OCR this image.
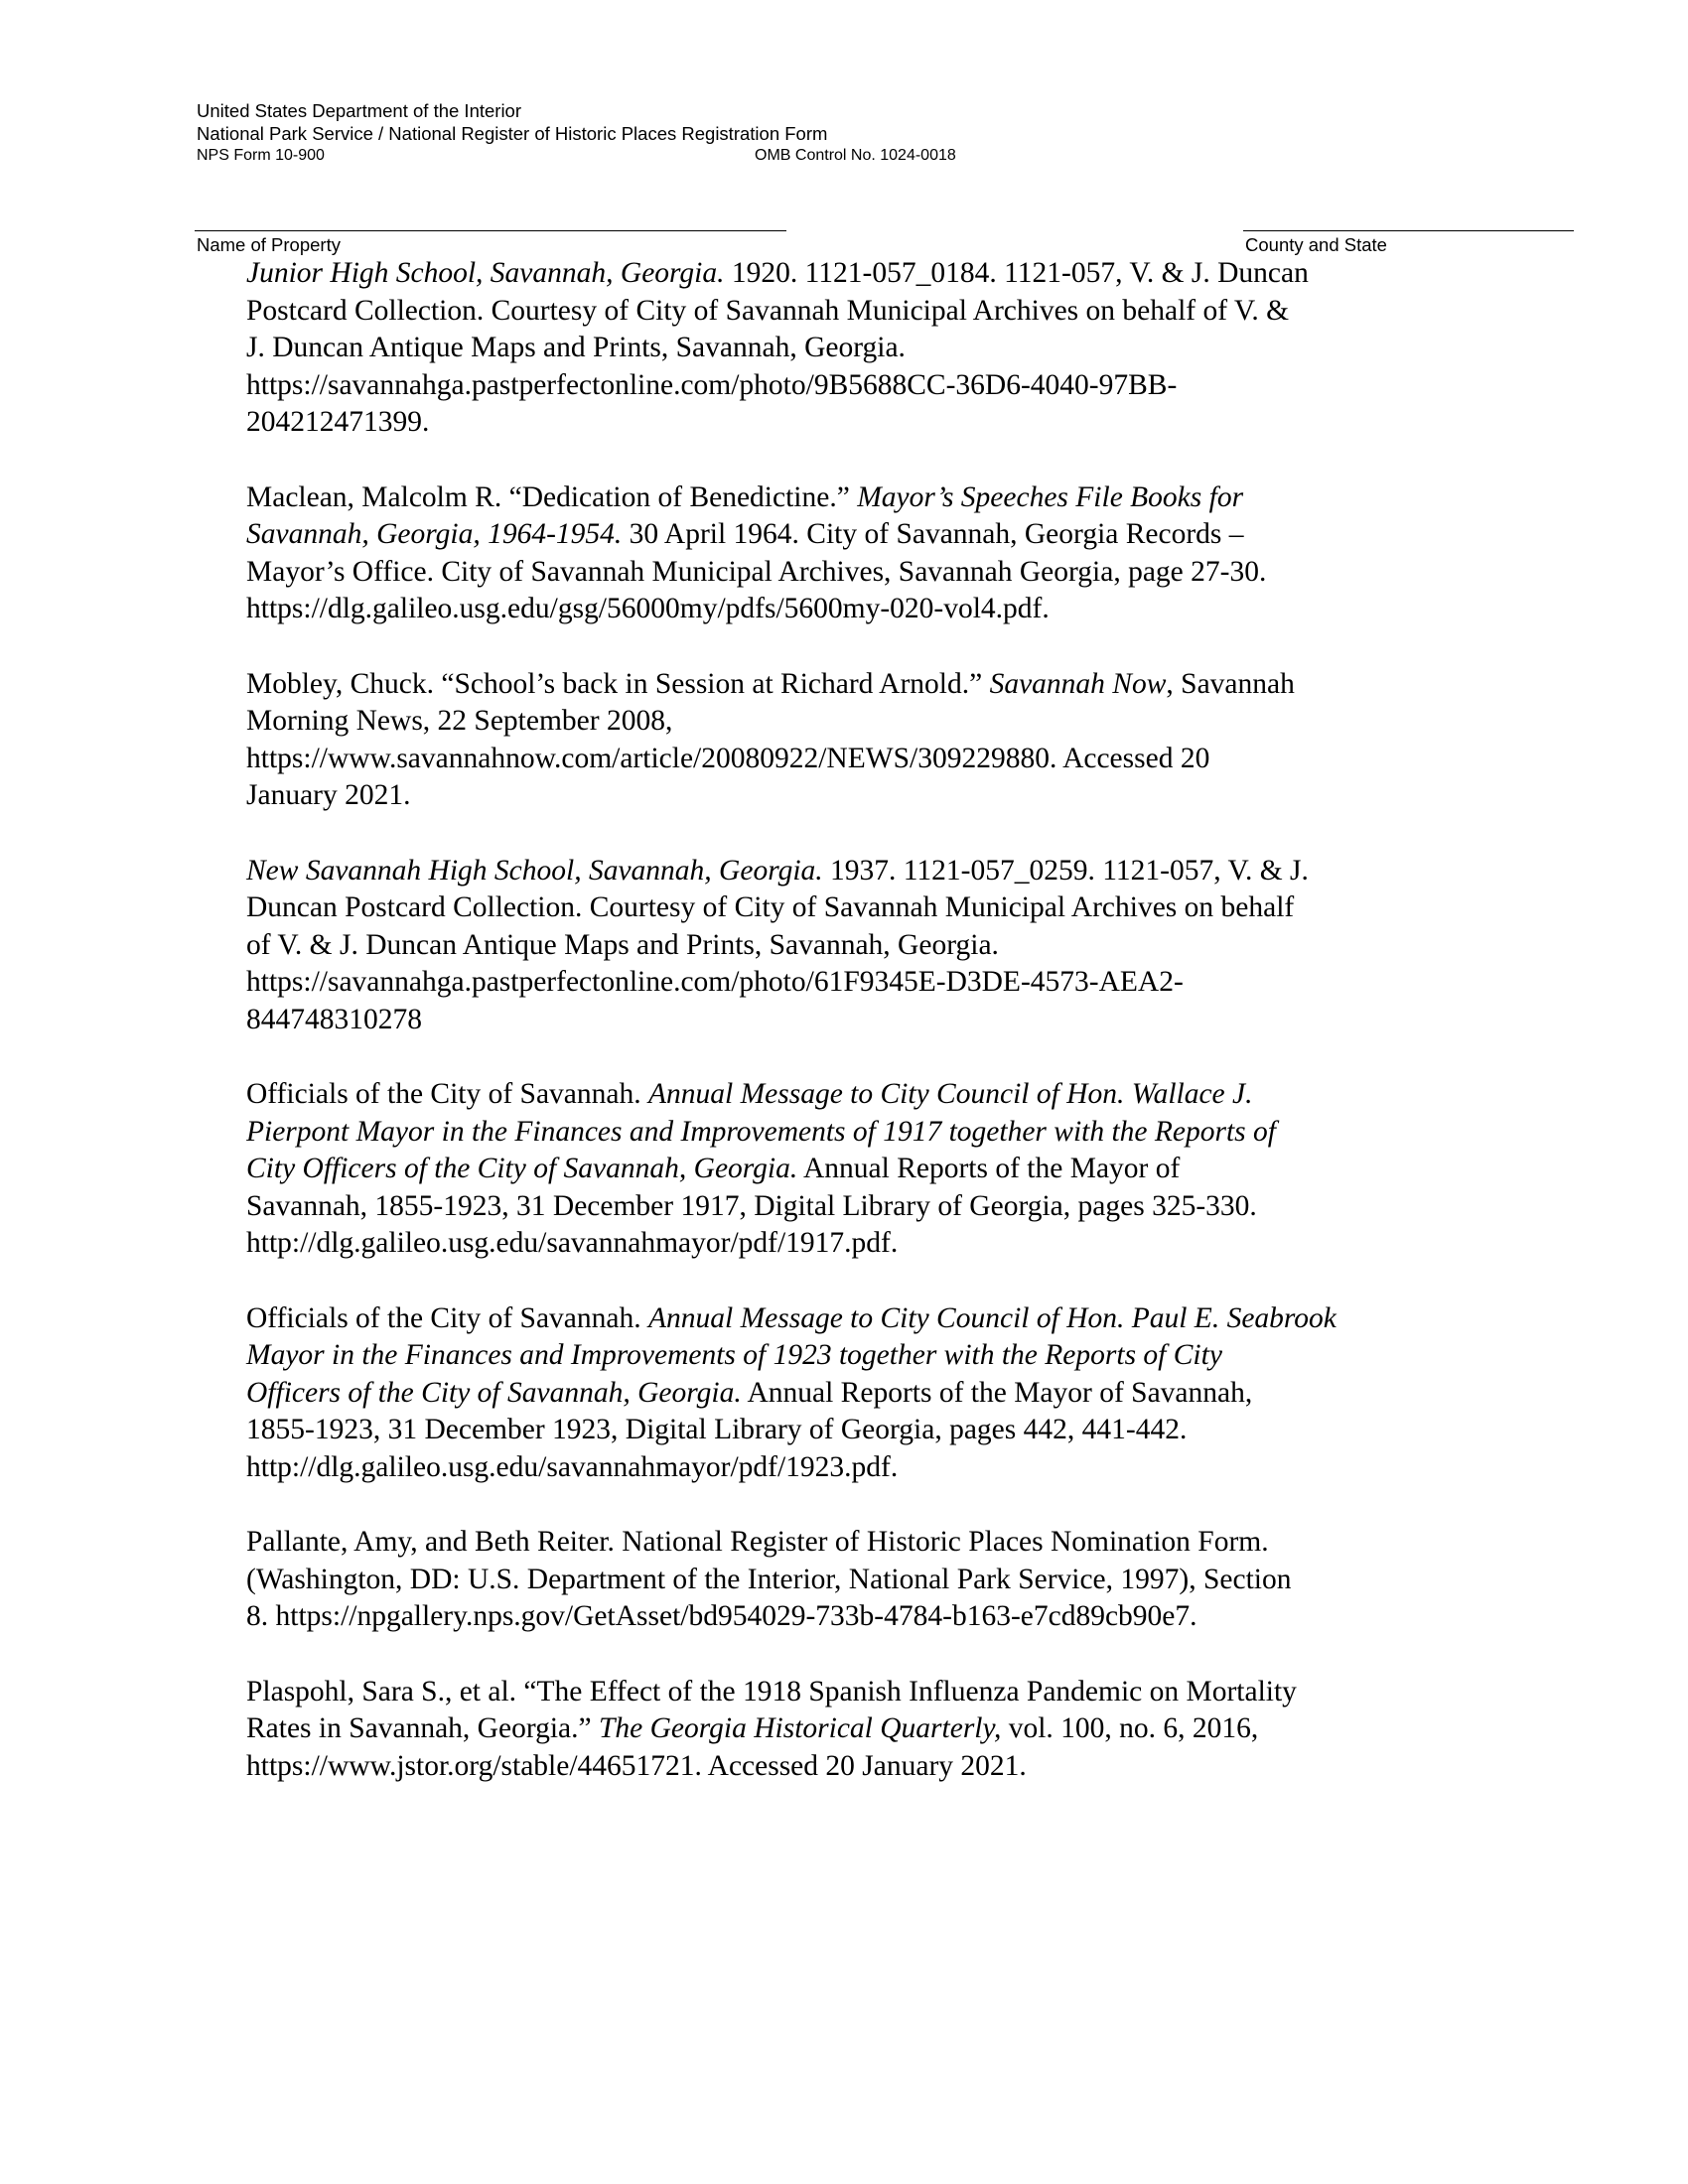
United States Department of the Interior
National Park Service / National Register of Historic Places Registration Form
NPS Form 10-900	OMB Control No. 1024-0018
Name of Property	County and State
Junior High School, Savannah, Georgia. 1920. 1121-057_0184. 1121-057, V. & J. Duncan
Postcard Collection. Courtesy of City of Savannah Municipal Archives on behalf of V. &
J. Duncan Antique Maps and Prints, Savannah, Georgia.
https://savannahga.pastperfectonline.com/photo/9B5688CC-36D6-4040-97BB-
204212471399.
Maclean, Malcolm R. “Dedication of Benedictine.” Mayor’s Speeches File Books for
Savannah, Georgia, 1964-1954. 30 April 1964. City of Savannah, Georgia Records –
Mayor’s Office. City of Savannah Municipal Archives, Savannah Georgia, page 27-30.
https://dlg.galileo.usg.edu/gsg/56000my/pdfs/5600my-020-vol4.pdf.
Mobley, Chuck. “School’s back in Session at Richard Arnold.” Savannah Now, Savannah
Morning News, 22 September 2008,
https://www.savannahnow.com/article/20080922/NEWS/309229880. Accessed 20
January 2021.
New Savannah High School, Savannah, Georgia. 1937. 1121-057_0259. 1121-057, V. & J.
Duncan Postcard Collection. Courtesy of City of Savannah Municipal Archives on behalf
of V. & J. Duncan Antique Maps and Prints, Savannah, Georgia.
https://savannahga.pastperfectonline.com/photo/61F9345E-D3DE-4573-AEA2-
844748310278
Officials of the City of Savannah. Annual Message to City Council of Hon. Wallace J.
Pierpont Mayor in the Finances and Improvements of 1917 together with the Reports of
City Officers of the City of Savannah, Georgia. Annual Reports of the Mayor of
Savannah, 1855-1923, 31 December 1917, Digital Library of Georgia, pages 325-330.
http://dlg.galileo.usg.edu/savannahmayor/pdf/1917.pdf.
Officials of the City of Savannah. Annual Message to City Council of Hon. Paul E. Seabrook
Mayor in the Finances and Improvements of 1923 together with the Reports of City
Officers of the City of Savannah, Georgia. Annual Reports of the Mayor of Savannah,
1855-1923, 31 December 1923, Digital Library of Georgia, pages 442, 441-442.
http://dlg.galileo.usg.edu/savannahmayor/pdf/1923.pdf.
Pallante, Amy, and Beth Reiter. National Register of Historic Places Nomination Form.
(Washington, DD: U.S. Department of the Interior, National Park Service, 1997), Section
8. https://npgallery.nps.gov/GetAsset/bd954029-733b-4784-b163-e7cd89cb90e7.
Plaspohl, Sara S., et al. “The Effect of the 1918 Spanish Influenza Pandemic on Mortality
Rates in Savannah, Georgia.” The Georgia Historical Quarterly, vol. 100, no. 6, 2016,
https://www.jstor.org/stable/44651721. Accessed 20 January 2021.
